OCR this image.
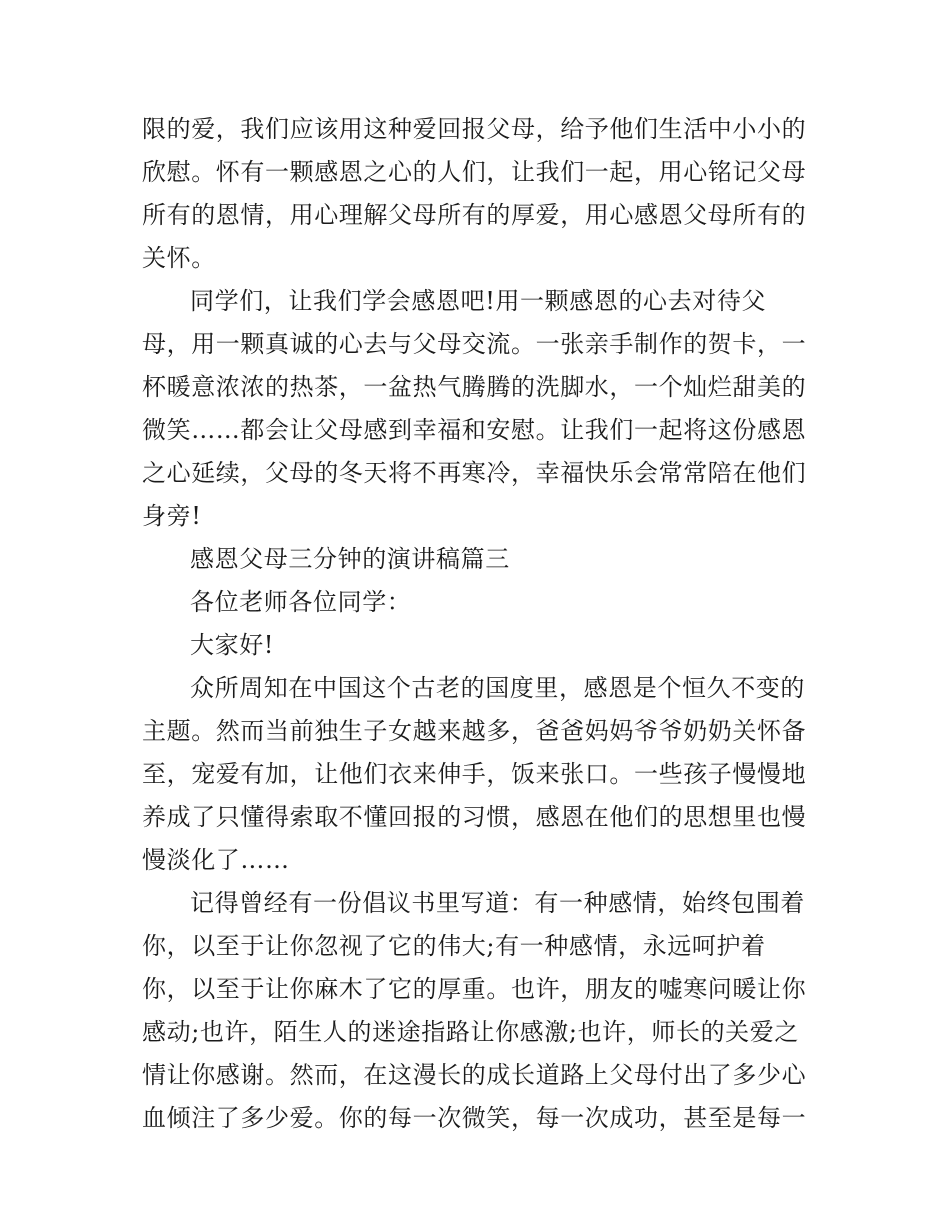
限的爱，我们应该用这种爱回报父母，给予他们生活中小小的
欣慰。怀有一颗感恩之心的人们，让我们一起，用心铭记父母
所有的恩情，用心理解父母所有的厚爱，用心感恩父母所有的
关怀。
同学们，让我们学会感恩吧!用一颗感恩的心去对待父
母，用一颗真诚的心去与父母交流。一张亲手制作的贺卡，一
杯暖意浓浓的热茶，一盆热气腾腾的洗脚水，一个灿烂甜美的
微笑……都会让父母感到幸福和安慰。让我们一起将这份感恩
之心延续，父母的冬天将不再寒冷，幸福快乐会常常陪在他们
身旁!
感恩父母三分钟的演讲稿篇三
各位老师各位同学：
大家好!
众所周知在中国这个古老的国度里，感恩是个恒久不变的
主题。然而当前独生子女越来越多，爸爸妈妈爷爷奶奶关怀备
至，宠爱有加，让他们衣来伸手，饭来张口。一些孩子慢慢地
养成了只懂得索取不懂回报的习惯，感恩在他们的思想里也慢
慢淡化了……
记得曾经有一份倡议书里写道：有一种感情，始终包围着
你，以至于让你忽视了它的伟大;有一种感情，永远呵护着
你，以至于让你麻木了它的厚重。也许，朋友的嘘寒问暖让你
感动;也许，陌生人的迷途指路让你感激;也许，师长的关爱之
情让你感谢。然而，在这漫长的成长道路上父母付出了多少心
血倾注了多少爱。你的每一次微笑，每一次成功，甚至是每一
